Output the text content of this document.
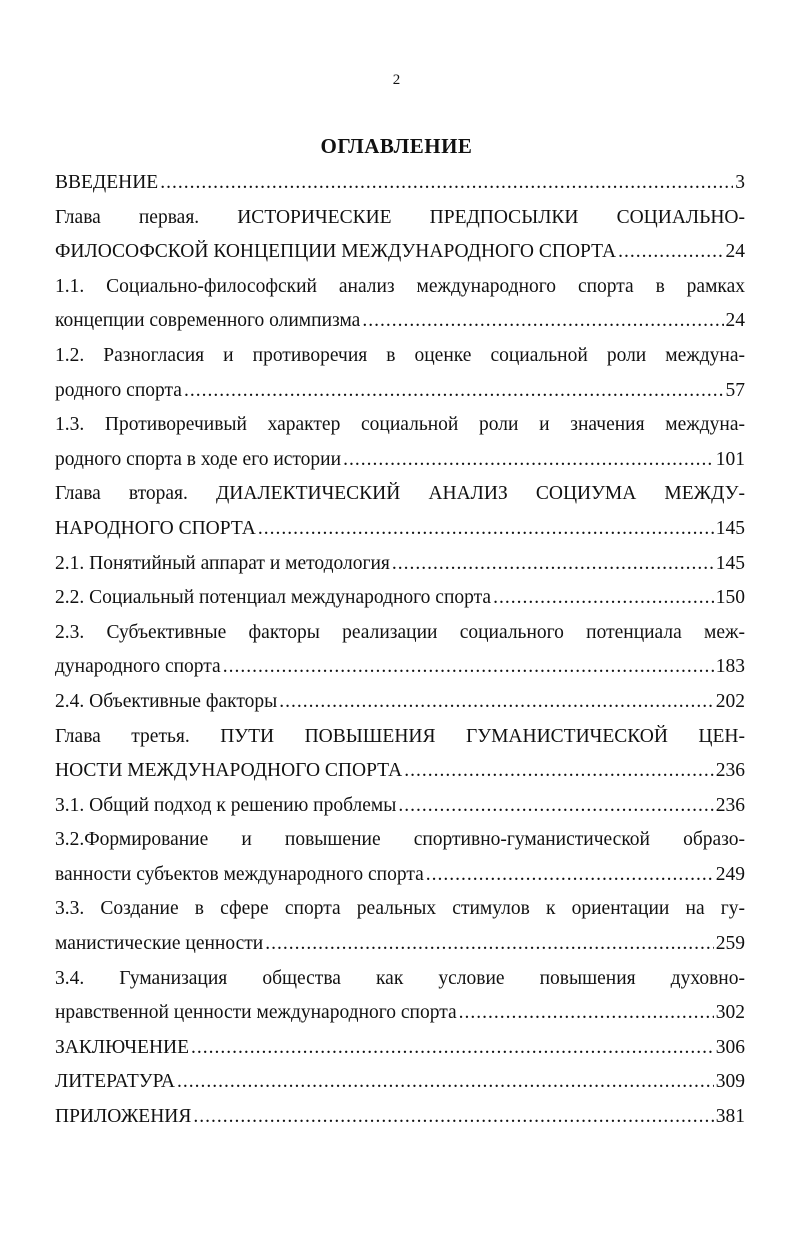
2
ОГЛАВЛЕНИЕ
ВВЕДЕНИЕ .....	3
Глава первая. ИСТОРИЧЕСКИЕ ПРЕДПОСЫЛКИ СОЦИАЛЬНО-
ФИЛОСОФСКОЙ КОНЦЕПЦИИ МЕЖДУНАРОДНОГО СПОРТА .....	24
1.1. Социально-философский анализ международного спорта в рамках
концепции современного олимпизма .....	24
1.2. Разногласия и противоречия в оценке социальной роли междуна-
родного спорта .....	57
1.3. Противоречивый характер социальной роли и значения междуна-
родного спорта в ходе его истории .....	101
Глава вторая. ДИАЛЕКТИЧЕСКИЙ АНАЛИЗ СОЦИУМА МЕЖДУ-
НАРОДНОГО СПОРТА .....	145
2.1. Понятийный аппарат и методология .....	145
2.2. Социальный потенциал международного спорта .....	150
2.3. Субъективные факторы реализации социального потенциала меж-
дународного спорта .....	183
2.4. Объективные факторы .....	202
Глава третья. ПУТИ ПОВЫШЕНИЯ ГУМАНИСТИЧЕСКОЙ ЦЕН-
НОСТИ МЕЖДУНАРОДНОГО СПОРТА .....	236
3.1. Общий подход к решению проблемы .....	236
3.2.Формирование и повышение спортивно-гуманистической образо-
ванности субъектов международного спорта .....	249
3.3. Создание в сфере спорта реальных стимулов к ориентации на гу-
манистические ценности .....	259
3.4. Гуманизация общества как условие повышения духовно-
нравственной ценности международного спорта .....	302
ЗАКЛЮЧЕНИЕ .....	306
ЛИТЕРАТУРА .....	309
ПРИЛОЖЕНИЯ .....	381
